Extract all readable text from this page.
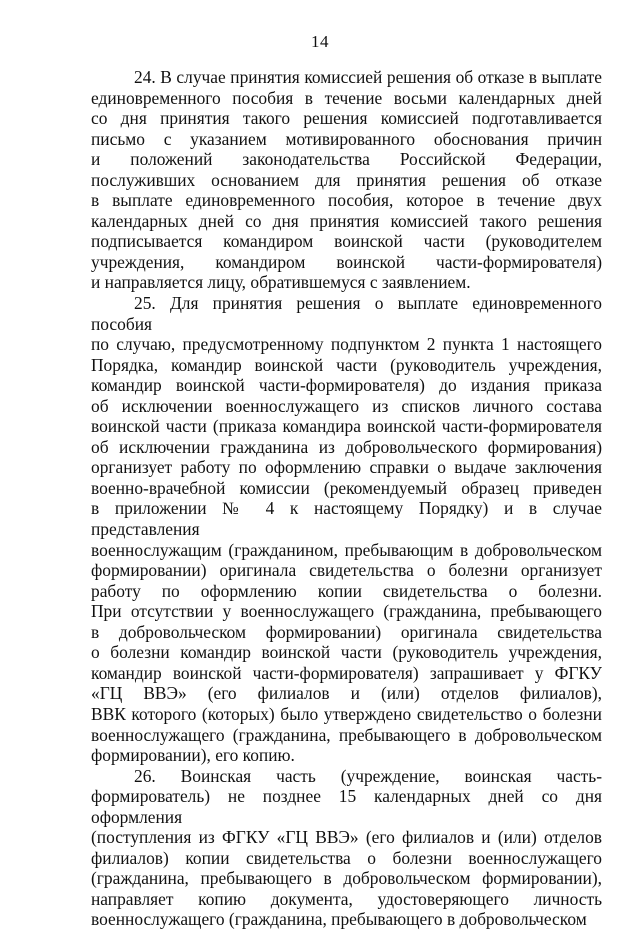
14
24. В случае принятия комиссией решения об отказе в выплате
единовременного пособия в течение восьми календарных дней
со дня принятия такого решения комиссией подготавливается
письмо с указанием мотивированного обоснования причин
и положений законодательства Российской Федерации,
послуживших основанием для принятия решения об отказе
в выплате единовременного пособия, которое в течение двух
календарных дней со дня принятия комиссией такого решения
подписывается командиром воинской части (руководителем
учреждения, командиром воинской части-формирователя)
и направляется лицу, обратившемуся с заявлением.
25. Для принятия решения о выплате единовременного пособия
по случаю, предусмотренному подпунктом 2 пункта 1 настоящего
Порядка, командир воинской части (руководитель учреждения,
командир воинской части-формирователя) до издания приказа
об исключении военнослужащего из списков личного состава
воинской части (приказа командира воинской части-формирователя
об исключении гражданина из добровольческого формирования)
организует работу по оформлению справки о выдаче заключения
военно-врачебной комиссии (рекомендуемый образец приведен
в приложении № 4 к настоящему Порядку) и в случае представления
военнослужащим (гражданином, пребывающим в добровольческом
формировании) оригинала свидетельства о болезни организует
работу по оформлению копии свидетельства о болезни.
При отсутствии у военнослужащего (гражданина, пребывающего
в добровольческом формировании) оригинала свидетельства
о болезни командир воинской части (руководитель учреждения,
командир воинской части-формирователя) запрашивает у ФГКУ
«ГЦ ВВЭ» (его филиалов и (или) отделов филиалов),
ВВК которого (которых) было утверждено свидетельство о болезни
военнослужащего (гражданина, пребывающего в добровольческом
формировании), его копию.
26. Воинская часть (учреждение, воинская часть-
формирователь) не позднее 15 календарных дней со дня оформления
(поступления из ФГКУ «ГЦ ВВЭ» (его филиалов и (или) отделов
филиалов) копии свидетельства о болезни военнослужащего
(гражданина, пребывающего в добровольческом формировании),
направляет копию документа, удостоверяющего личность
военнослужащего (гражданина, пребывающего в добровольческом
